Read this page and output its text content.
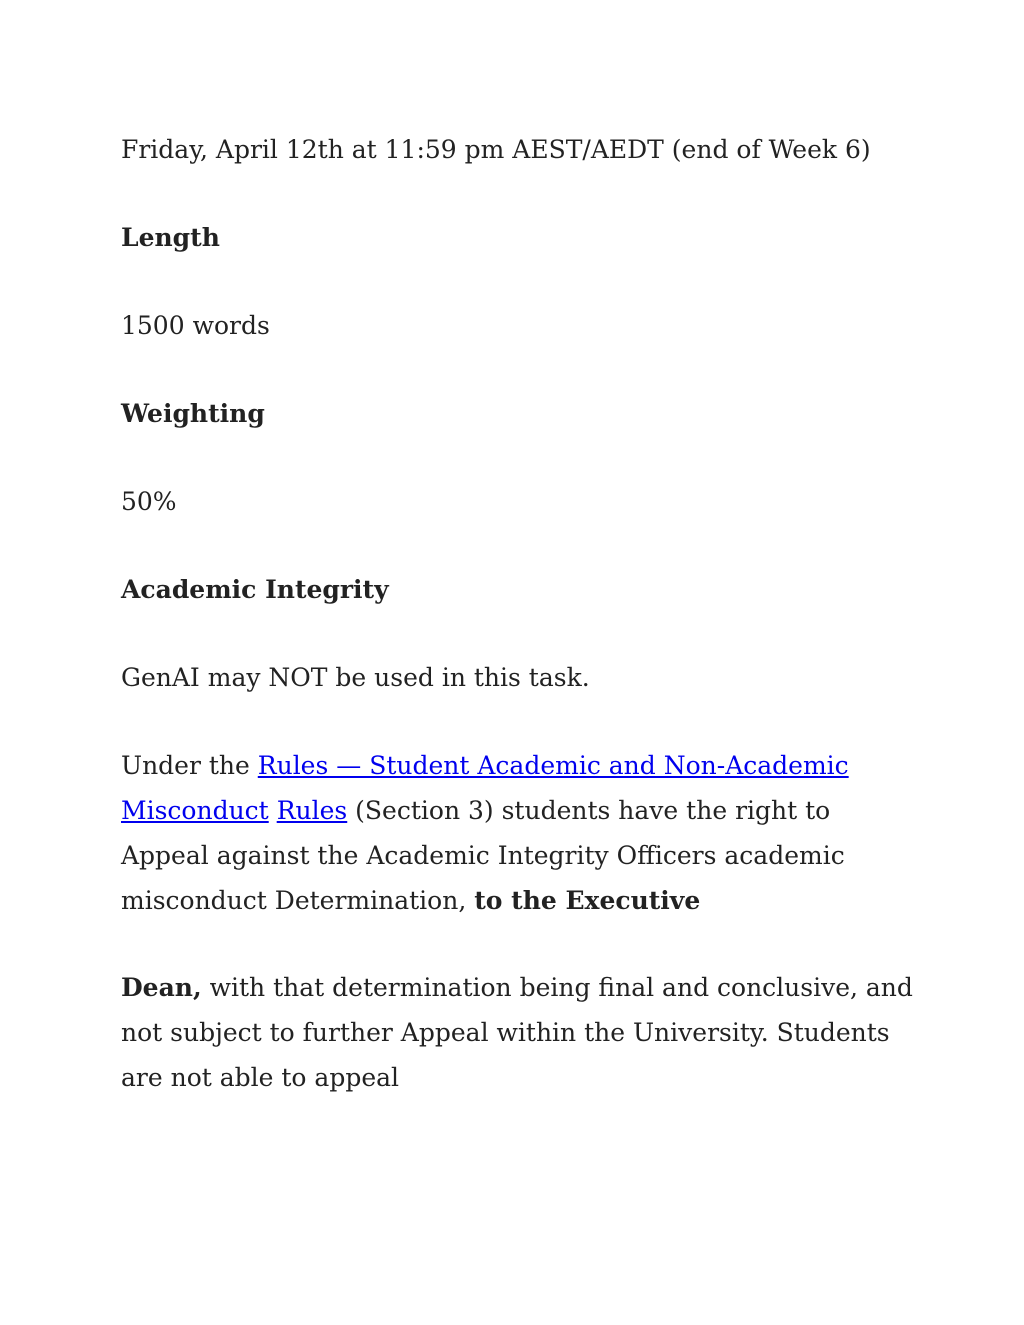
Friday, April 12th at 11:59 pm AEST/AEDT (end of Week 6)
Length
1500 words
Weighting
50%
Academic Integrity
GenAI may NOT be used in this task.
Under the Rules — Student Academic and Non-Academic
Misconduct Rules (Section 3) students have the right to
Appeal against the Academic Integrity Officers academic
misconduct Determination, to the Executive
Dean, with that determination being final and conclusive, and
not subject to further Appeal within the University. Students
are not able to appeal
